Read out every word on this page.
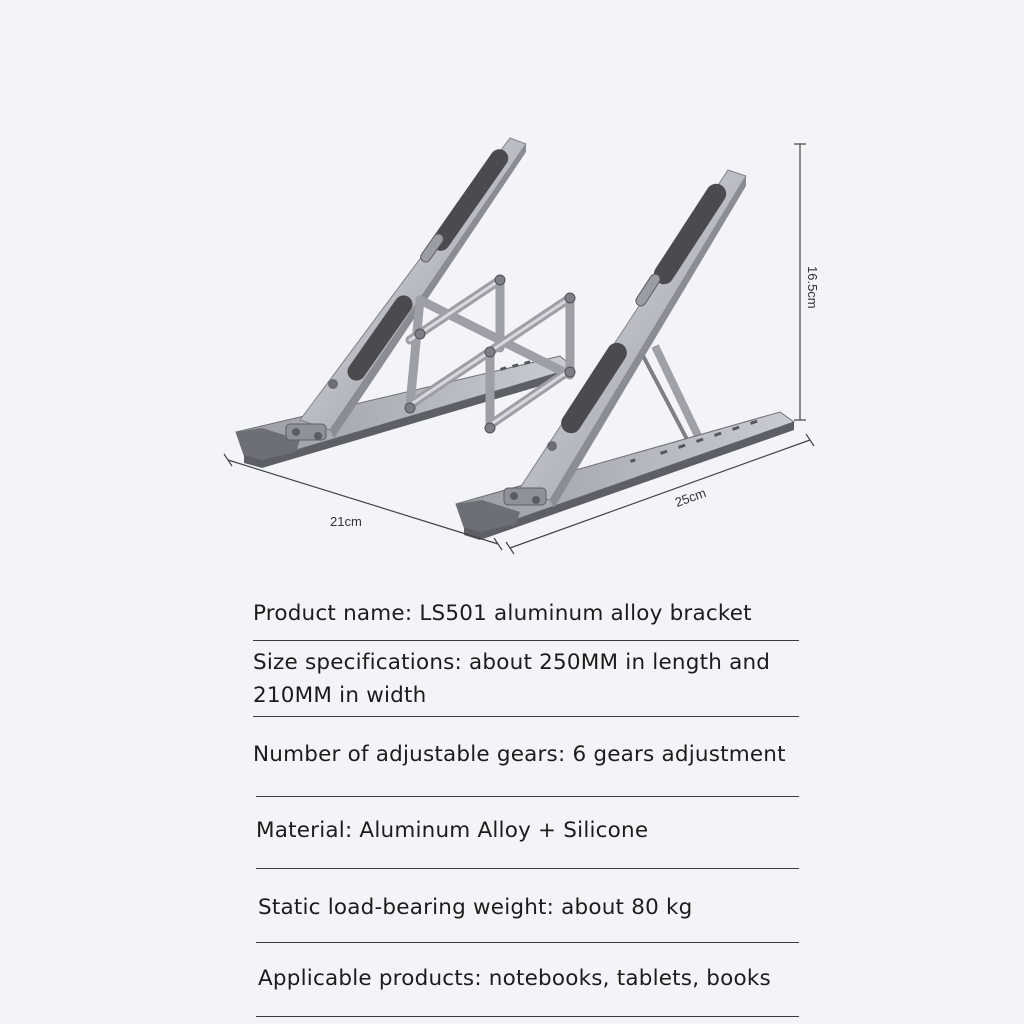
21cm
25cm
16.5cm

Product name: LS501 aluminum alloy bracket

Size specifications: about 250MM in length and 210MM in width

Number of adjustable gears: 6 gears adjustment

Material: Aluminum Alloy + Silicone

Static load-bearing weight: about 80 kg

Applicable products: notebooks, tablets, books
